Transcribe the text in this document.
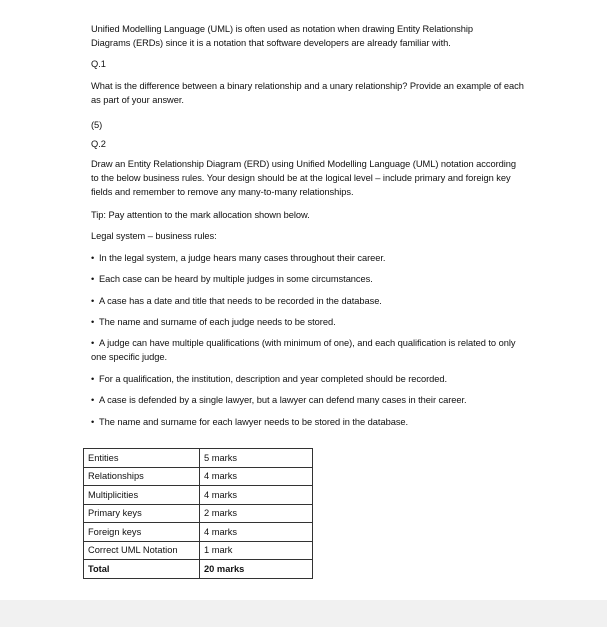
Unified Modelling Language (UML) is often used as notation when drawing Entity Relationship Diagrams (ERDs) since it is a notation that software developers are already familiar with.

Q.1

What is the difference between a binary relationship and a unary relationship? Provide an example of each as part of your answer.

(5)

Q.2

Draw an Entity Relationship Diagram (ERD) using Unified Modelling Language (UML) notation according to the below business rules. Your design should be at the logical level – include primary and foreign key fields and remember to remove any many-to-many relationships.

Tip: Pay attention to the mark allocation shown below.

Legal system – business rules:

• In the legal system, a judge hears many cases throughout their career.

• Each case can be heard by multiple judges in some circumstances.

• A case has a date and title that needs to be recorded in the database.

• The name and surname of each judge needs to be stored.

• A judge can have multiple qualifications (with minimum of one), and each qualification is related to only one specific judge.

• For a qualification, the institution, description and year completed should be recorded.

• A case is defended by a single lawyer, but a lawyer can defend many cases in their career.

• The name and surname for each lawyer needs to be stored in the database.

Entities	5 marks
Relationships	4 marks
Multiplicities	4 marks
Primary keys	2 marks
Foreign keys	4 marks
Correct UML Notation	1 mark
Total	20 marks
